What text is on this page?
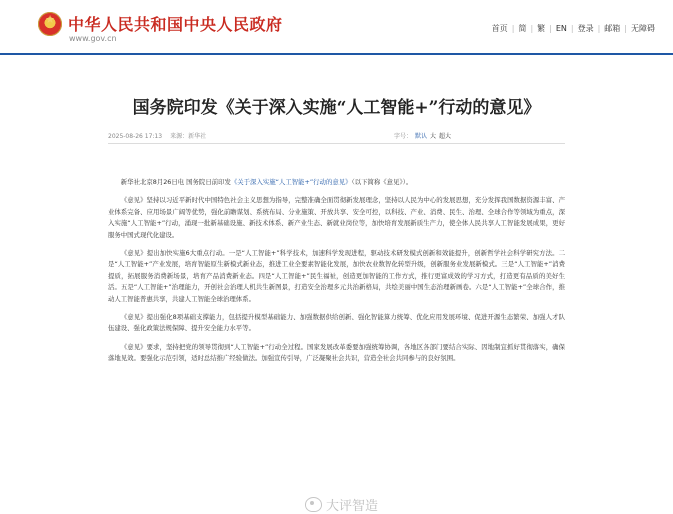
★
中华人民共和国中央人民政府
www.gov.cn
首页 | 简 | 繁 | EN | 登录 | 邮箱 | 无障碍
国务院印发《关于深入实施“人工智能+”行动的意见》
2025-08-26 17:13 来源：新华社	字号： 默认 大 超大

新华社北京8月26日电 国务院日前印发《关于深入实施“人工智能+”行动的意见》（以下简称《意见》）。

《意见》坚持以习近平新时代中国特色社会主义思想为指导，完整准确全面贯彻新发展理念，坚持以人民为中心的发展思想，充分发挥我国数据资源丰富、产业体系完备、应用场景广阔等优势，强化前瞻谋划、系统布局、分业施策、开放共享、安全可控，以科技、产业、消费、民生、治理、全球合作等领域为重点，深入实施“人工智能+”行动，涌现一批新基础设施、新技术体系、新产业生态、新就业岗位等，加快培育发展新质生产力，使全体人民共享人工智能发展成果，更好服务中国式现代化建设。

《意见》提出加快实施6大重点行动。一是“人工智能+”科学技术，加速科学发现进程，驱动技术研发模式创新和效能提升，创新哲学社会科学研究方法。二是“人工智能+”产业发展，培育智能原生新模式新业态，推进工业全要素智能化发展，加快农业数智化转型升级，创新服务业发展新模式。三是“人工智能+”消费提质，拓展服务消费新场景，培育产品消费新业态。四是“人工智能+”民生福祉，创造更加智能的工作方式，推行更富成效的学习方式，打造更有品质的美好生活。五是“人工智能+”治理能力，开创社会治理人机共生新图景，打造安全治理多元共治新格局，共绘美丽中国生态治理新画卷。六是“人工智能+”全球合作，推动人工智能普惠共享，共建人工智能全球治理体系。

《意见》提出强化8项基础支撑能力，包括提升模型基础能力、加强数据供给创新、强化智能算力统筹、优化应用发展环境、促进开源生态繁荣、加强人才队伍建设、强化政策法规保障、提升安全能力水平等。

《意见》要求，坚持把党的领导贯彻到“人工智能+”行动全过程。国家发展改革委要加强统筹协调，各地区各部门要结合实际、因地制宜抓好贯彻落实，确保落地见效。要强化示范引领，适时总结推广经验做法。加强宣传引导，广泛凝聚社会共识，营造全社会共同参与的良好氛围。

大评智造
